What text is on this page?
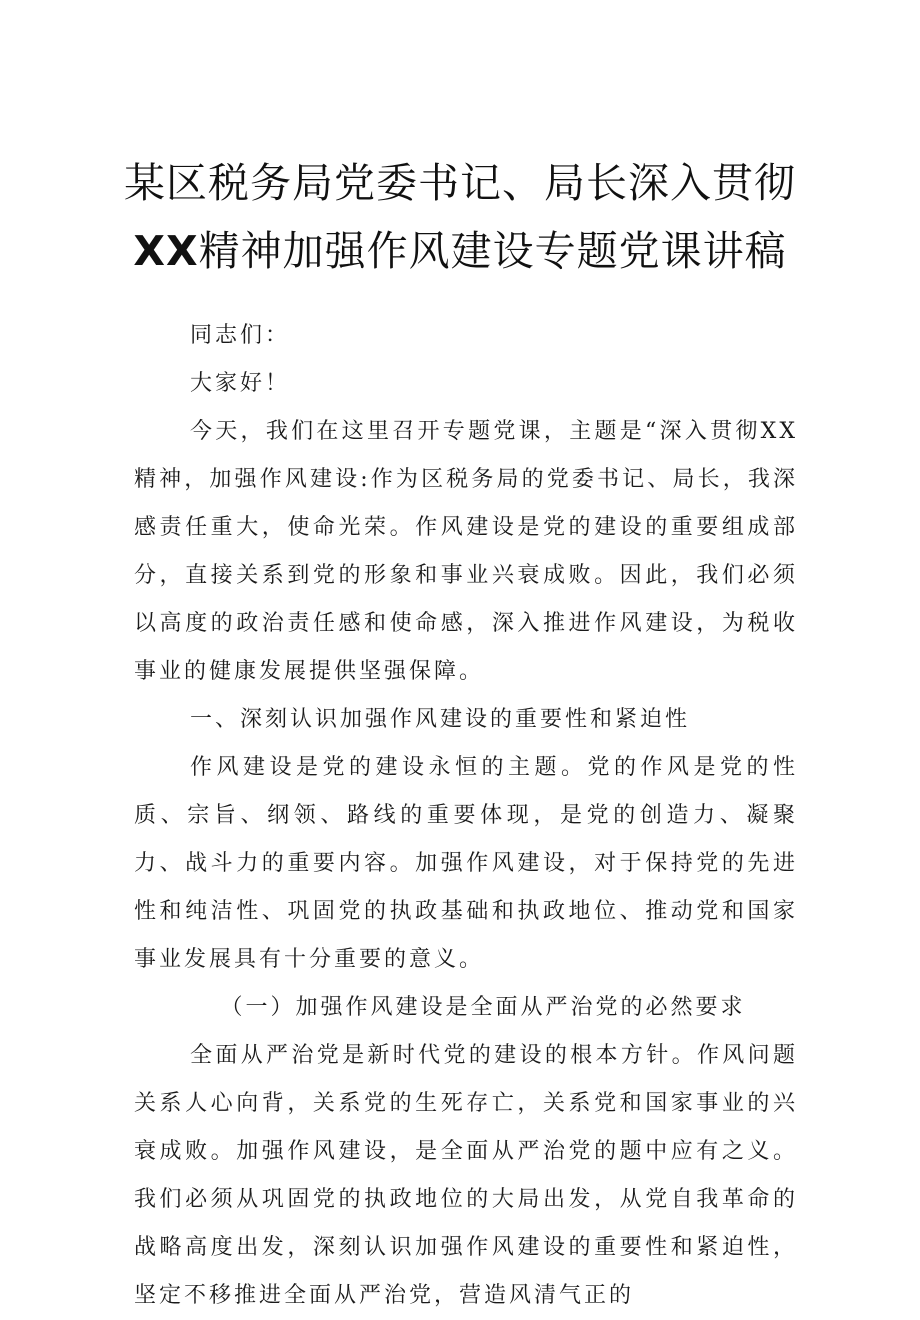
某区税务局党委书记、局长深入贯彻
XX精神加强作风建设专题党课讲稿

同志们：

大家好！

今天，我们在这里召开专题党课，主题是“深入贯彻XX精神，加强作风建设:作为区税务局的党委书记、局长，我深感责任重大，使命光荣。作风建设是党的建设的重要组成部分，直接关系到党的形象和事业兴衰成败。因此，我们必须以高度的政治责任感和使命感，深入推进作风建设，为税收事业的健康发展提供坚强保障。

一、深刻认识加强作风建设的重要性和紧迫性

作风建设是党的建设永恒的主题。党的作风是党的性质、宗旨、纲领、路线的重要体现，是党的创造力、凝聚力、战斗力的重要内容。加强作风建设，对于保持党的先进性和纯洁性、巩固党的执政基础和执政地位、推动党和国家事业发展具有十分重要的意义。

（一）加强作风建设是全面从严治党的必然要求

全面从严治党是新时代党的建设的根本方针。作风问题关系人心向背，关系党的生死存亡，关系党和国家事业的兴衰成败。加强作风建设，是全面从严治党的题中应有之义。我们必须从巩固党的执政地位的大局出发，从党自我革命的战略高度出发，深刻认识加强作风建设的重要性和紧迫性，坚定不移推进全面从严治党，营造风清气正的
